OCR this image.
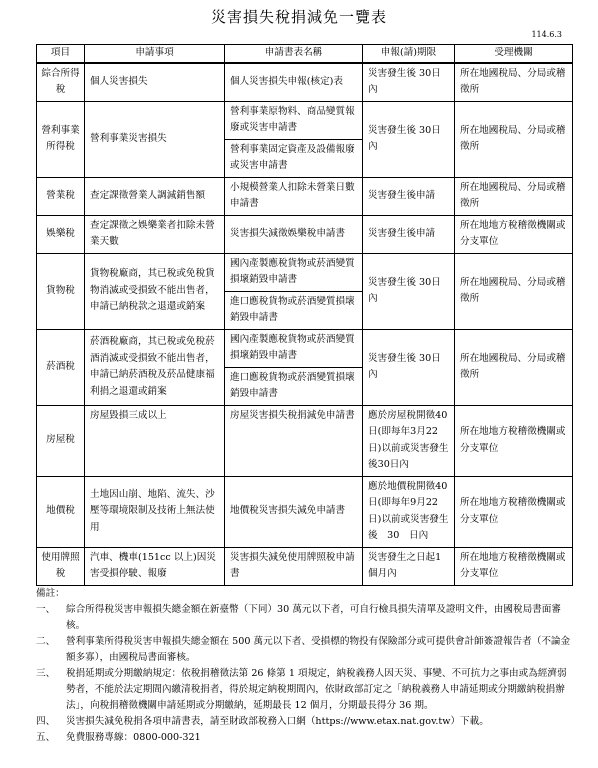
災害損失稅捐減免一覽表
114.6.3
項目	申請事項	申請書表名稱	申報(請)期限	受理機關
綜合所得稅	個人災害損失	個人災害損失申報(核定)表	災害發生後 30日內	所在地國稅局、分局或稽徵所
營利事業所得稅	營利事業災害損失	營利事業原物料、商品變質報廢或災害申請書	災害發生後 30日內	所在地國稅局、分局或稽徵所
		營利事業固定資產及設備報廢或災害申請書		
營業稅	查定課徵營業人調減銷售額	小規模營業人扣除未營業日數申請書	災害發生後申請	所在地國稅局、分局或稽徵所
娛樂稅	查定課徵之娛樂業者扣除未營業天數	災害損失減徵娛樂稅申請書	災害發生後申請	所在地地方稅稽徵機關或分支單位
貨物稅	貨物稅廠商，其已稅或免稅貨物消滅或受損致不能出售者，申請已納稅款之退還或銷案	國內產製應稅貨物或菸酒變質損壞銷毀申請書	災害發生後 30日內	所在地國稅局、分局或稽徵所
		進口應稅貨物或菸酒變質損壞銷毀申請書		
菸酒稅	菸酒稅廠商，其已稅或免稅菸酒消滅或受損致不能出售者，申請已納菸酒稅及菸品健康福利捐之退還或銷案	國內產製應稅貨物或菸酒變質損壞銷毀申請書	災害發生後 30日內	所在地國稅局、分局或稽徵所
		進口應稅貨物或菸酒變質損壞銷毀申請書		
房屋稅	房屋毀損三成以上	房屋災害損失稅捐減免申請書	應於房屋稅開徵40日(即每年3月22日)以前或災害發生後30日內	所在地地方稅稽徵機關或分支單位
地價稅	土地因山崩、地陷、流失、沙壓等環境限制及技術上無法使用	地價稅災害損失減免申請書	應於地價稅開徵40日(即每年9月22日)以前或災害發生後　30　日內	所在地地方稅稽徵機關或分支單位
使用牌照稅	汽車、機車(151cc 以上)因災害受損停駛、報廢	災害損失減免使用牌照稅申請書	災害發生之日起1個月內	所在地地方稅稽徵機關或分支單位
備註：
一、	綜合所得稅災害申報損失總金額在新臺幣（下同）30 萬元以下者，可自行檢具損失清單及證明文件，由國稅局書面審核。
二、	營利事業所得稅災害申報損失總金額在 500 萬元以下者、受損標的物投有保險部分或可提供會計師簽證報告者（不論金額多寡），由國稅局書面審核。
三、	稅捐延期或分期繳納規定：依稅捐稽徵法第 26 條第 1 項規定，納稅義務人因天災、事變、不可抗力之事由或為經濟弱勢者，不能於法定期間內繳清稅捐者，得於規定納稅期間內，依財政部訂定之「納稅義務人申請延期或分期繳納稅捐辦法」，向稅捐稽徵機關申請延期或分期繳納，延期最長 12 個月，分期最長得分 36 期。
四、	災害損失減免稅捐各項申請書表，請至財政部稅務入口網（https://www.etax.nat.gov.tw）下載。
五、	免費服務專線：0800-000-321
